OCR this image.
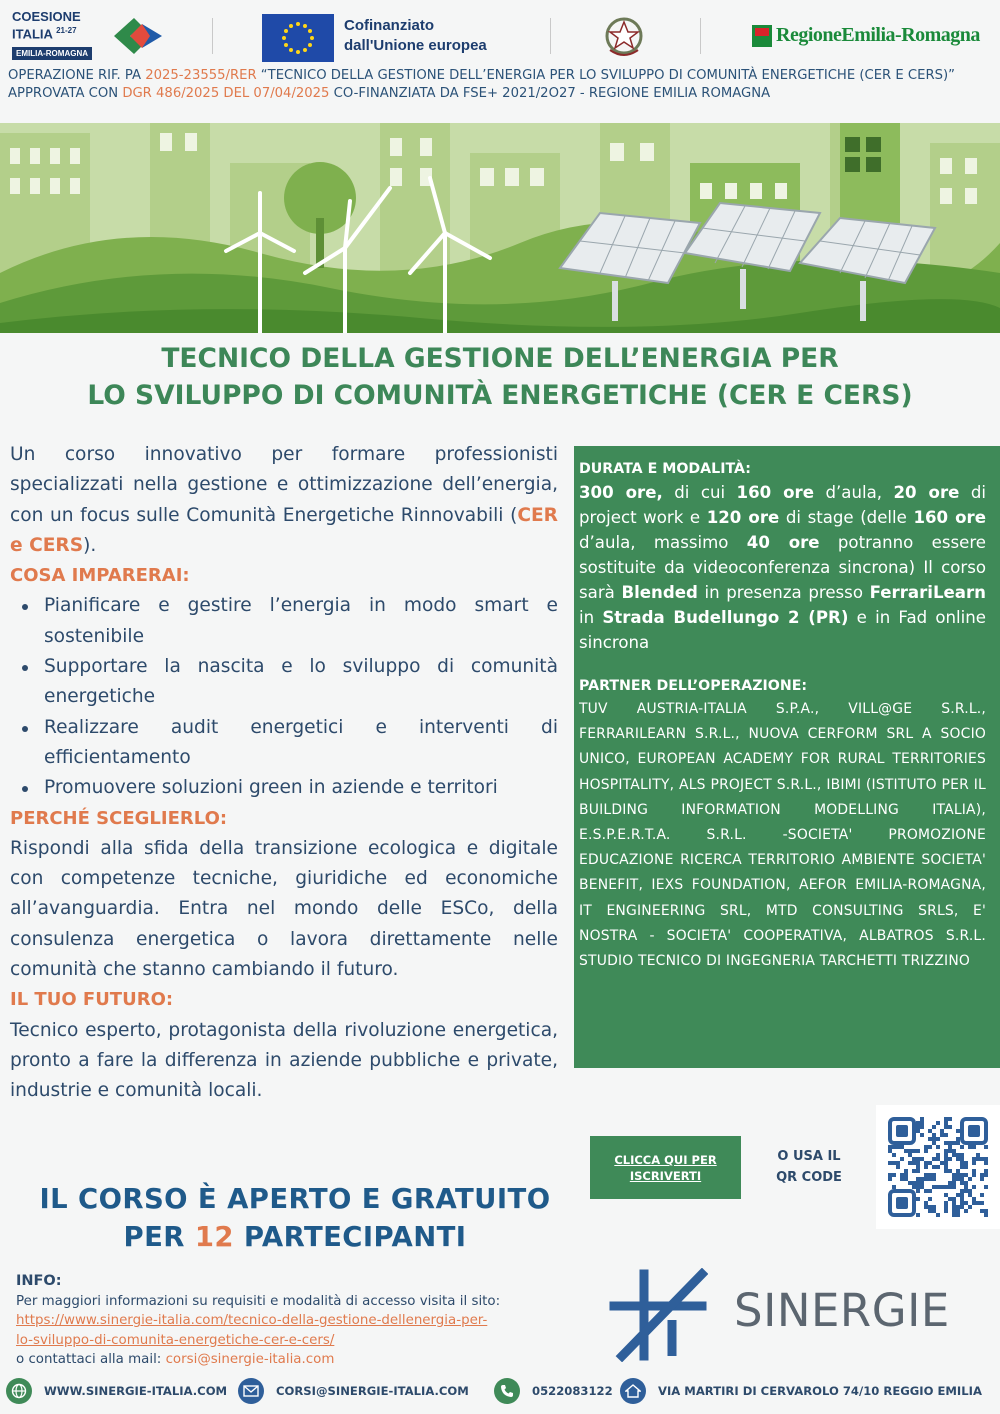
COESIONE
ITALIA $^{21-27}$
EMILIA-ROMAGNA
Cofinanziato
dall'Unione europea	RegioneEmilia-Romagna
OPERAZIONE RIF. PA 2025-23555/RER “TECNICO DELLA GESTIONE DELL’ENERGIA PER LO SVILUPPO DI COMUNITÀ ENERGETICHE (CER E CERS)” APPROVATA CON DGR 486/2025 DEL 07/04/2025 CO-FINANZIATA DA FSE+ 2021/2O27 - REGIONE EMILIA ROMAGNA
TECNICO DELLA GESTIONE DELL’ENERGIA PER
LO SVILUPPO DI COMUNITÀ ENERGETICHE (CER E CERS)

Un corso innovativo per formare professionisti specializzati nella gestione e ottimizzazione dell’energia, con un focus sulle Comunità Energetiche Rinnovabili (CER e CERS).

COSA IMPARERAI:
Pianificare e gestire l’energia in modo smart e sostenibile
Supportare la nascita e lo sviluppo di comunità energetiche
Realizzare audit energetici e interventi di efficientamento
Promuovere soluzioni green in aziende e territori
PERCHÉ SCEGLIERLO:

Rispondi alla sfida della transizione ecologica e digitale con competenze tecniche, giuridiche ed economiche all’avanguardia. Entra nel mondo delle ESCo, della consulenza energetica o lavora direttamente nelle comunità che stanno cambiando il futuro.

IL TUO FUTURO:

Tecnico esperto, protagonista della rivoluzione energetica, pronto a fare la differenza in aziende pubbliche e private, industrie e comunità locali.

DURATA E MODALITÀ:

300 ore, di cui 160 ore d’aula, 20 ore di project work e 120 ore di stage (delle 160 ore d’aula, massimo 40 ore potranno essere sostituite da videoconferenza sincrona) Il corso sarà Blended in presenza presso FerrariLearn in Strada Budellungo 2 (PR) e in Fad online sincrona

PARTNER DELL’OPERAZIONE:

TUV AUSTRIA-ITALIA S.P.A., VILL@GE S.R.L., FERRARILEARN S.R.L., NUOVA CERFORM SRL A SOCIO UNICO, EUROPEAN ACADEMY FOR RURAL TERRITORIES HOSPITALITY, ALS PROJECT S.R.L., IBIMI (ISTITUTO PER IL BUILDING INFORMATION MODELLING ITALIA), E.S.P.E.R.T.A. S.R.L. -SOCIETA' PROMOZIONE EDUCAZIONE RICERCA TERRITORIO AMBIENTE SOCIETA' BENEFIT, IEXS FOUNDATION, AEFOR EMILIA-ROMAGNA, IT ENGINEERING SRL, MTD CONSULTING SRLS, E' NOSTRA - SOCIETA' COOPERATIVA, ALBATROS S.R.L. STUDIO TECNICO DI INGEGNERIA TARCHETTI TRIZZINO

CLICCA QUI PER
ISCRIVERTI
O USA IL
QR CODE
IL CORSO È APERTO E GRATUITO
PER 12 PARTECIPANTI
INFO:
Per maggiori informazioni su requisiti e modalità di accesso visita il sito:
https://www.sinergie-italia.com/tecnico-della-gestione-dellenergia-per-
lo-sviluppo-di-comunita-energetiche-cer-e-cers/
o contattaci alla mail: corsi@sinergie-italia.com
SINERGIE
WWW.SINERGIE-ITALIA.COM	CORSI@SINERGIE-ITALIA.COM	0522083122	VIA MARTIRI DI CERVAROLO 74/10 REGGIO EMILIA
